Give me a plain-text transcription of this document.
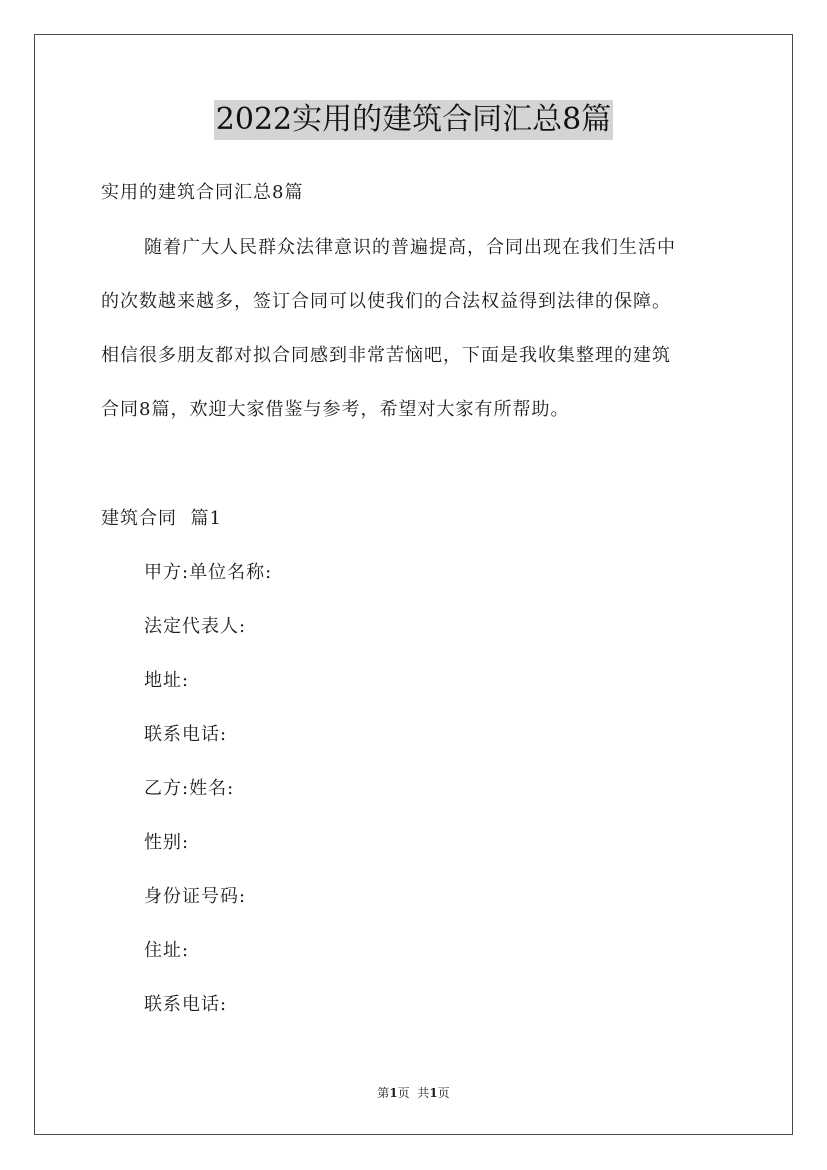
2022实用的建筑合同汇总8篇
实用的建筑合同汇总8篇
随着广大人民群众法律意识的普遍提高，合同出现在我们生活中
的次数越来越多，签订合同可以使我们的合法权益得到法律的保障。
相信很多朋友都对拟合同感到非常苦恼吧，下面是我收集整理的建筑
合同8篇，欢迎大家借鉴与参考，希望对大家有所帮助。
建筑合同  篇1
甲方:单位名称:
法定代表人:
地址:
联系电话:
乙方:姓名:
性别:
身份证号码:
住址:
联系电话:
第1页  共1页
